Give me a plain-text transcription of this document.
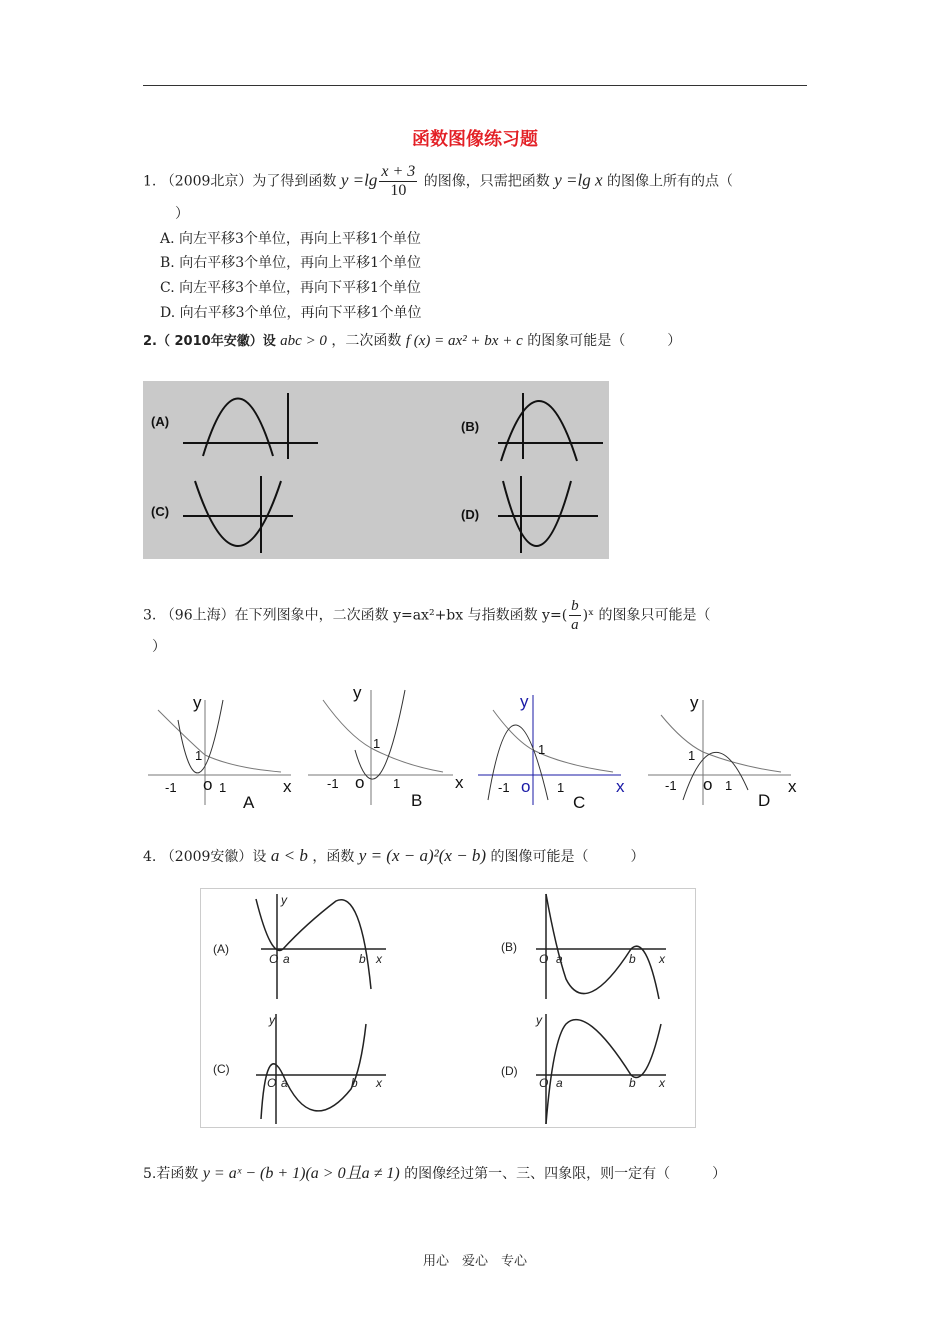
函数图像练习题
1. （2009北京）为了得到函数 $y =\lg \frac{x + 3}{10}$ 的图像，只需把函数 y =lg x 的图像上所有的点（
）
A. 向左平移3个单位，再向上平移1个单位
B. 向右平移3个单位，再向上平移1个单位
C. 向左平移3个单位，再向下平移1个单位
D. 向右平移3个单位，再向下平移1个单位
2.（ 2010年安徽）设 abc > 0 ，二次函数 f (x) = ax² + bx + c 的图象可能是（　　　）
(A)	(B)
(C)	(D)
3. （96上海）在下列图象中，二次函数 y=ax²+bx 与指数函数 $y=( \frac{b}{a}$ )ˣ 的图象只可能是（
）
y
x
o
A
y
x
o
B
y
x
o
C
y
x
o
D
1
-1	1
1
-1	1
1
-1	1
1
-1	1
4. （2009安徽）设 a < b ，函数 y = (x − a)²(x − b) 的图像可能是（　　　）
(A)	(B)
(C)	(D)
O a	b x
y
O a	b x
O a	b x
y
O a	b x
y
5.若函数 y = aˣ − (b + 1)(a > 0且a ≠ 1) 的图像经过第一、三、四象限，则一定有（　　　）
用心　爱心　专心
